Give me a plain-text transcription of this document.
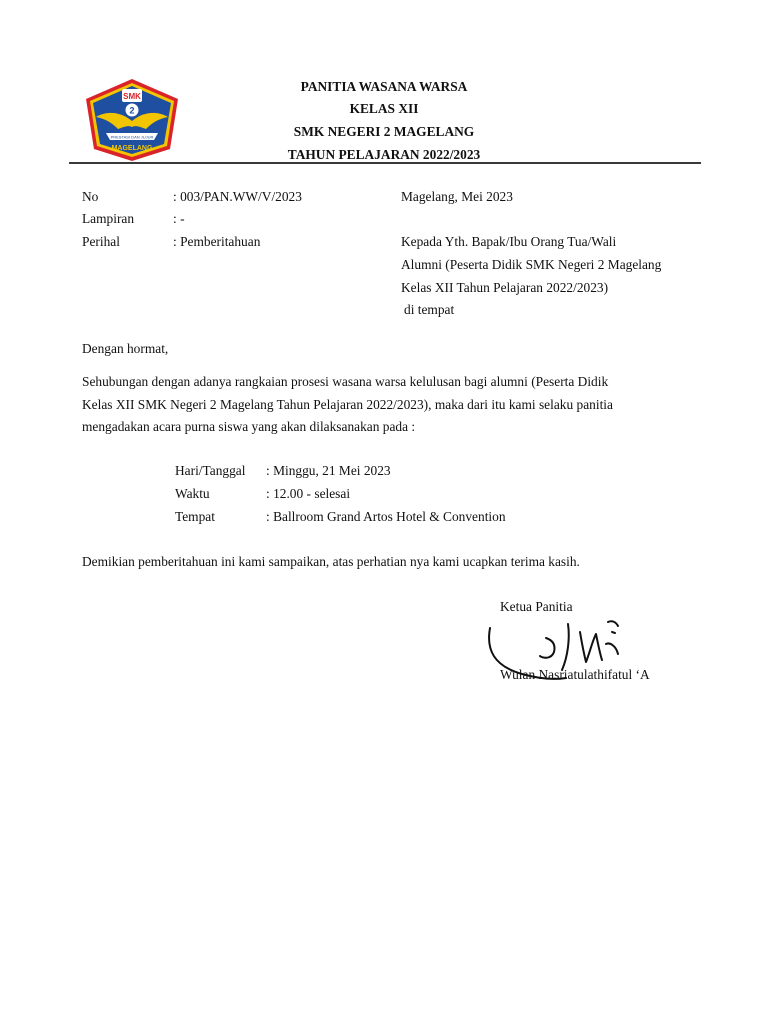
SMK
2
PRESTASI DAN JUJUR
MAGELANG
PANITIA WASANA WARSA
KELAS XII
SMK NEGERI 2 MAGELANG
TAHUN PELAJARAN 2022/2023
No	: 003/PAN.WW/V/2023	Magelang, Mei 2023
Lampiran	: -
Perihal	: Pemberitahuan	Kepada Yth. Bapak/Ibu Orang Tua/Wali
Alumni (Peserta Didik SMK Negeri 2 Magelang
Kelas XII Tahun Pelajaran 2022/2023)
di tempat
Dengan hormat,
Sehubungan dengan adanya rangkaian prosesi wasana warsa kelulusan bagi alumni (Peserta Didik
Kelas XII SMK Negeri 2 Magelang Tahun Pelajaran 2022/2023), maka dari itu kami selaku panitia
mengadakan acara purna siswa yang akan dilaksanakan pada :
Hari/Tanggal : Minggu, 21 Mei 2023
Waktu	: 12.00 - selesai
Tempat	: Ballroom Grand Artos Hotel & Convention
Demikian pemberitahuan ini kami sampaikan, atas perhatian nya kami ucapkan terima kasih.
Ketua Panitia
Wulan Nasriatulathifatul ‘A
